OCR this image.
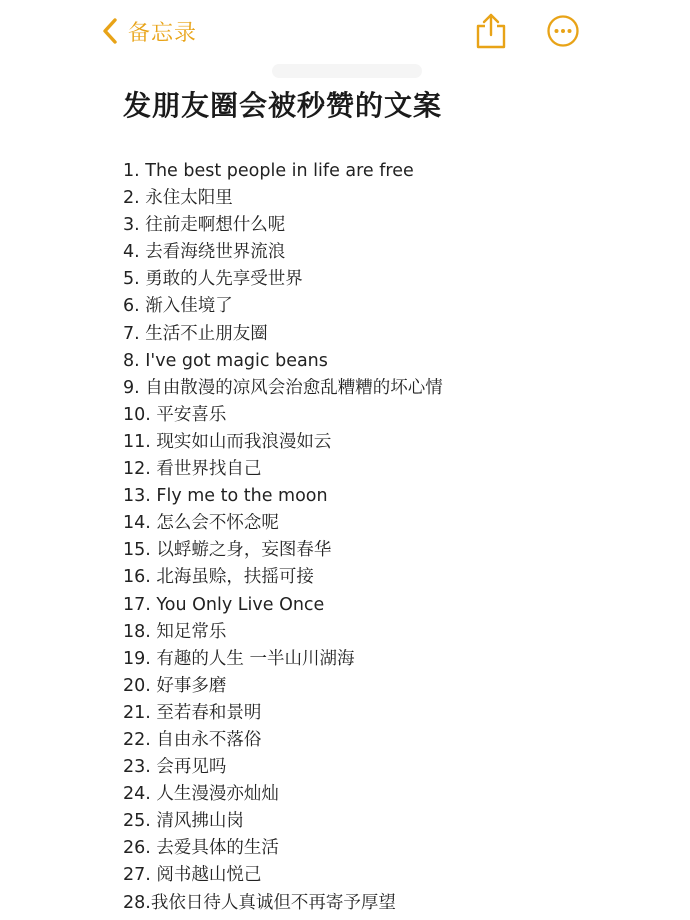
备忘录
发朋友圈会被秒赞的文案
1. The best people in life are free
2. 永住太阳里
3. 往前走啊想什么呢
4. 去看海绕世界流浪
5. 勇敢的人先享受世界
6. 渐入佳境了
7. 生活不止朋友圈
8. I've got magic beans
9. 自由散漫的凉风会治愈乱糟糟的坏心情
10. 平安喜乐
11. 现实如山而我浪漫如云
12. 看世界找自己
13. Fly me to the moon
14. 怎么会不怀念呢
15. 以蜉蝣之身，妄图春华
16. 北海虽赊，扶摇可接
17. You Only Live Once
18. 知足常乐
19. 有趣的人生 一半山川湖海
20. 好事多磨
21. 至若春和景明
22. 自由永不落俗
23. 会再见吗
24. 人生漫漫亦灿灿
25. 清风拂山岗
26. 去爱具体的生活
27. 阅书越山悦己
28.我依日待人真诚但不再寄予厚望
